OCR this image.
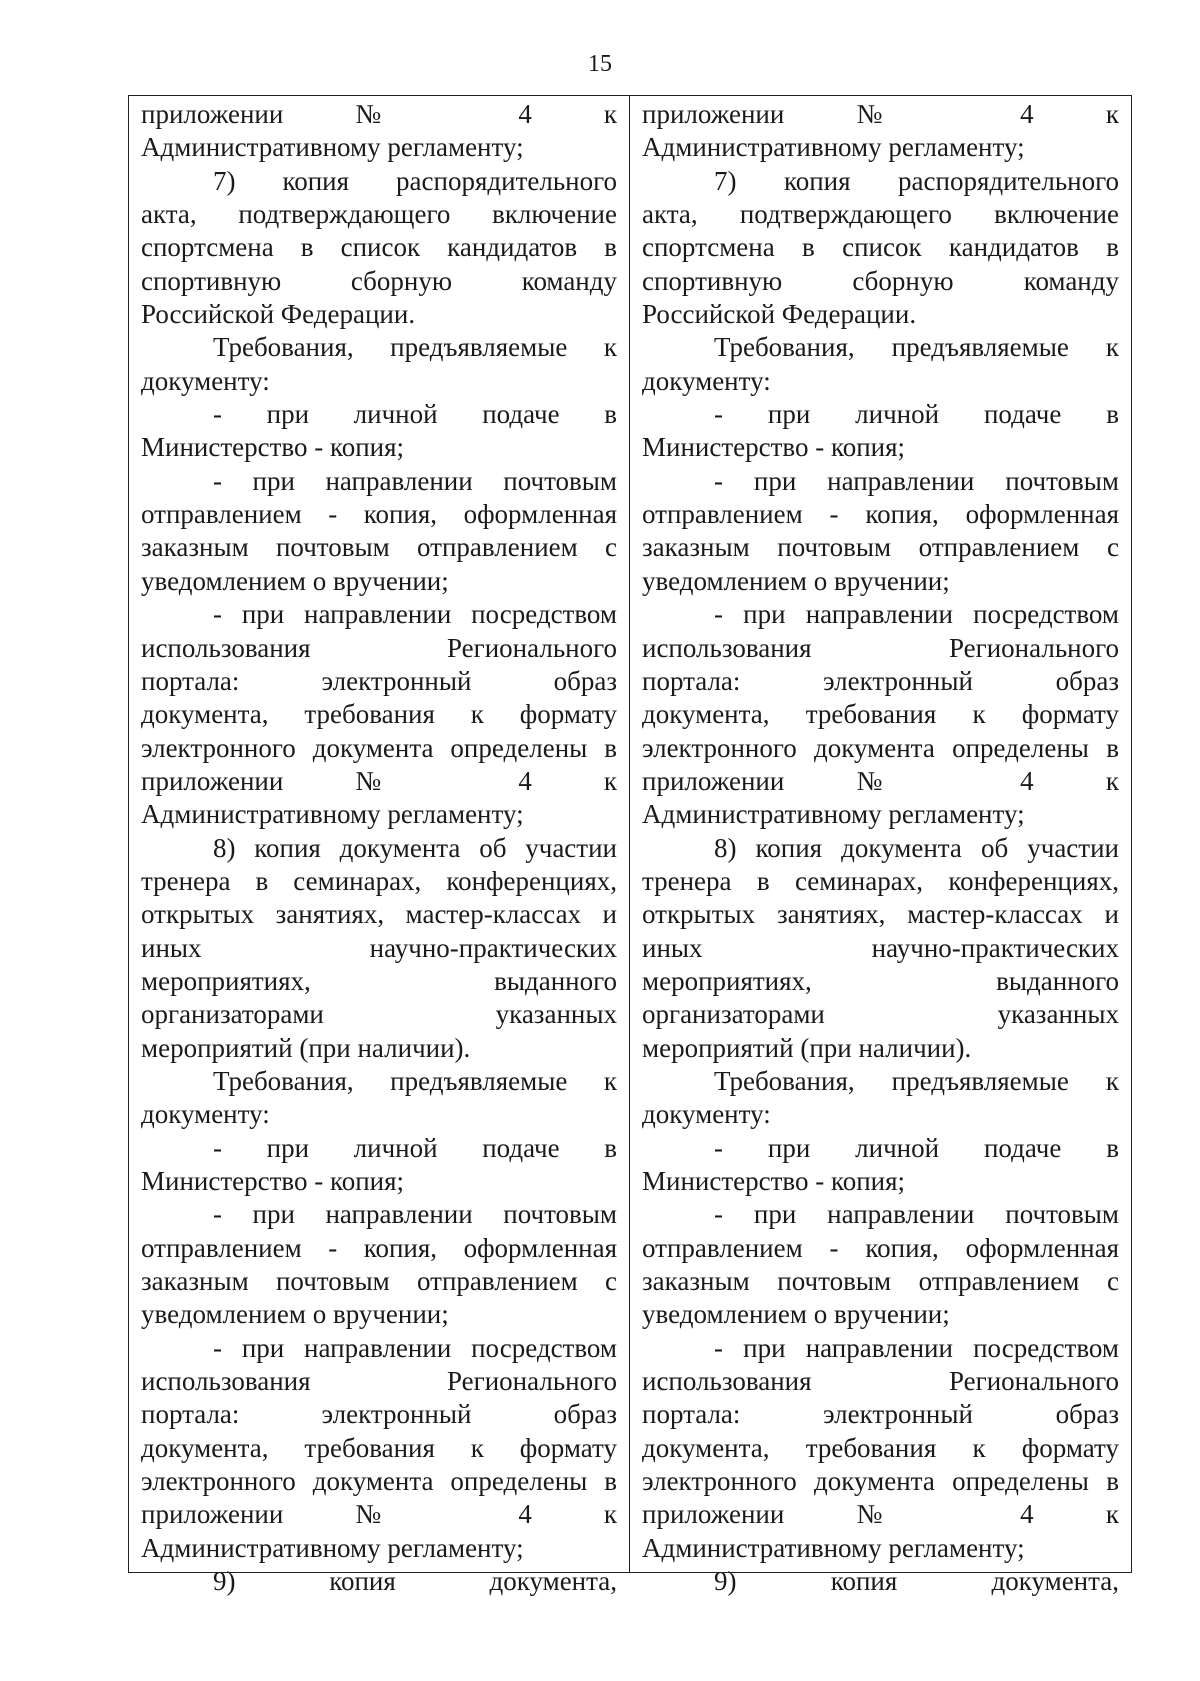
15
приложении № 4 к
Административному регламенту;
7) копия распорядительного
акта, подтверждающего включение
спортсмена в список кандидатов в
спортивную сборную команду
Российской Федерации.
Требования, предъявляемые к
документу:
- при личной подаче в
Министерство - копия;
- при направлении почтовым
отправлением - копия, оформленная
заказным почтовым отправлением с
уведомлением о вручении;
- при направлении посредством
использования Регионального
портала: электронный образ
документа, требования к формату
электронного документа определены в
приложении № 4 к
Административному регламенту;
8) копия документа об участии
тренера в семинарах, конференциях,
открытых занятиях, мастер-классах и
иных научно-практических
мероприятиях, выданного
организаторами указанных
мероприятий (при наличии).
Требования, предъявляемые к
документу:
- при личной подаче в
Министерство - копия;
- при направлении почтовым
отправлением - копия, оформленная
заказным почтовым отправлением с
уведомлением о вручении;
- при направлении посредством
использования Регионального
портала: электронный образ
документа, требования к формату
электронного документа определены в
приложении № 4 к
Административному регламенту;
9) копия документа,
приложении № 4 к
Административному регламенту;
7) копия распорядительного
акта, подтверждающего включение
спортсмена в список кандидатов в
спортивную сборную команду
Российской Федерации.
Требования, предъявляемые к
документу:
- при личной подаче в
Министерство - копия;
- при направлении почтовым
отправлением - копия, оформленная
заказным почтовым отправлением с
уведомлением о вручении;
- при направлении посредством
использования Регионального
портала: электронный образ
документа, требования к формату
электронного документа определены в
приложении № 4 к
Административному регламенту;
8) копия документа об участии
тренера в семинарах, конференциях,
открытых занятиях, мастер-классах и
иных научно-практических
мероприятиях, выданного
организаторами указанных
мероприятий (при наличии).
Требования, предъявляемые к
документу:
- при личной подаче в
Министерство - копия;
- при направлении почтовым
отправлением - копия, оформленная
заказным почтовым отправлением с
уведомлением о вручении;
- при направлении посредством
использования Регионального
портала: электронный образ
документа, требования к формату
электронного документа определены в
приложении № 4 к
Административному регламенту;
9) копия документа,
